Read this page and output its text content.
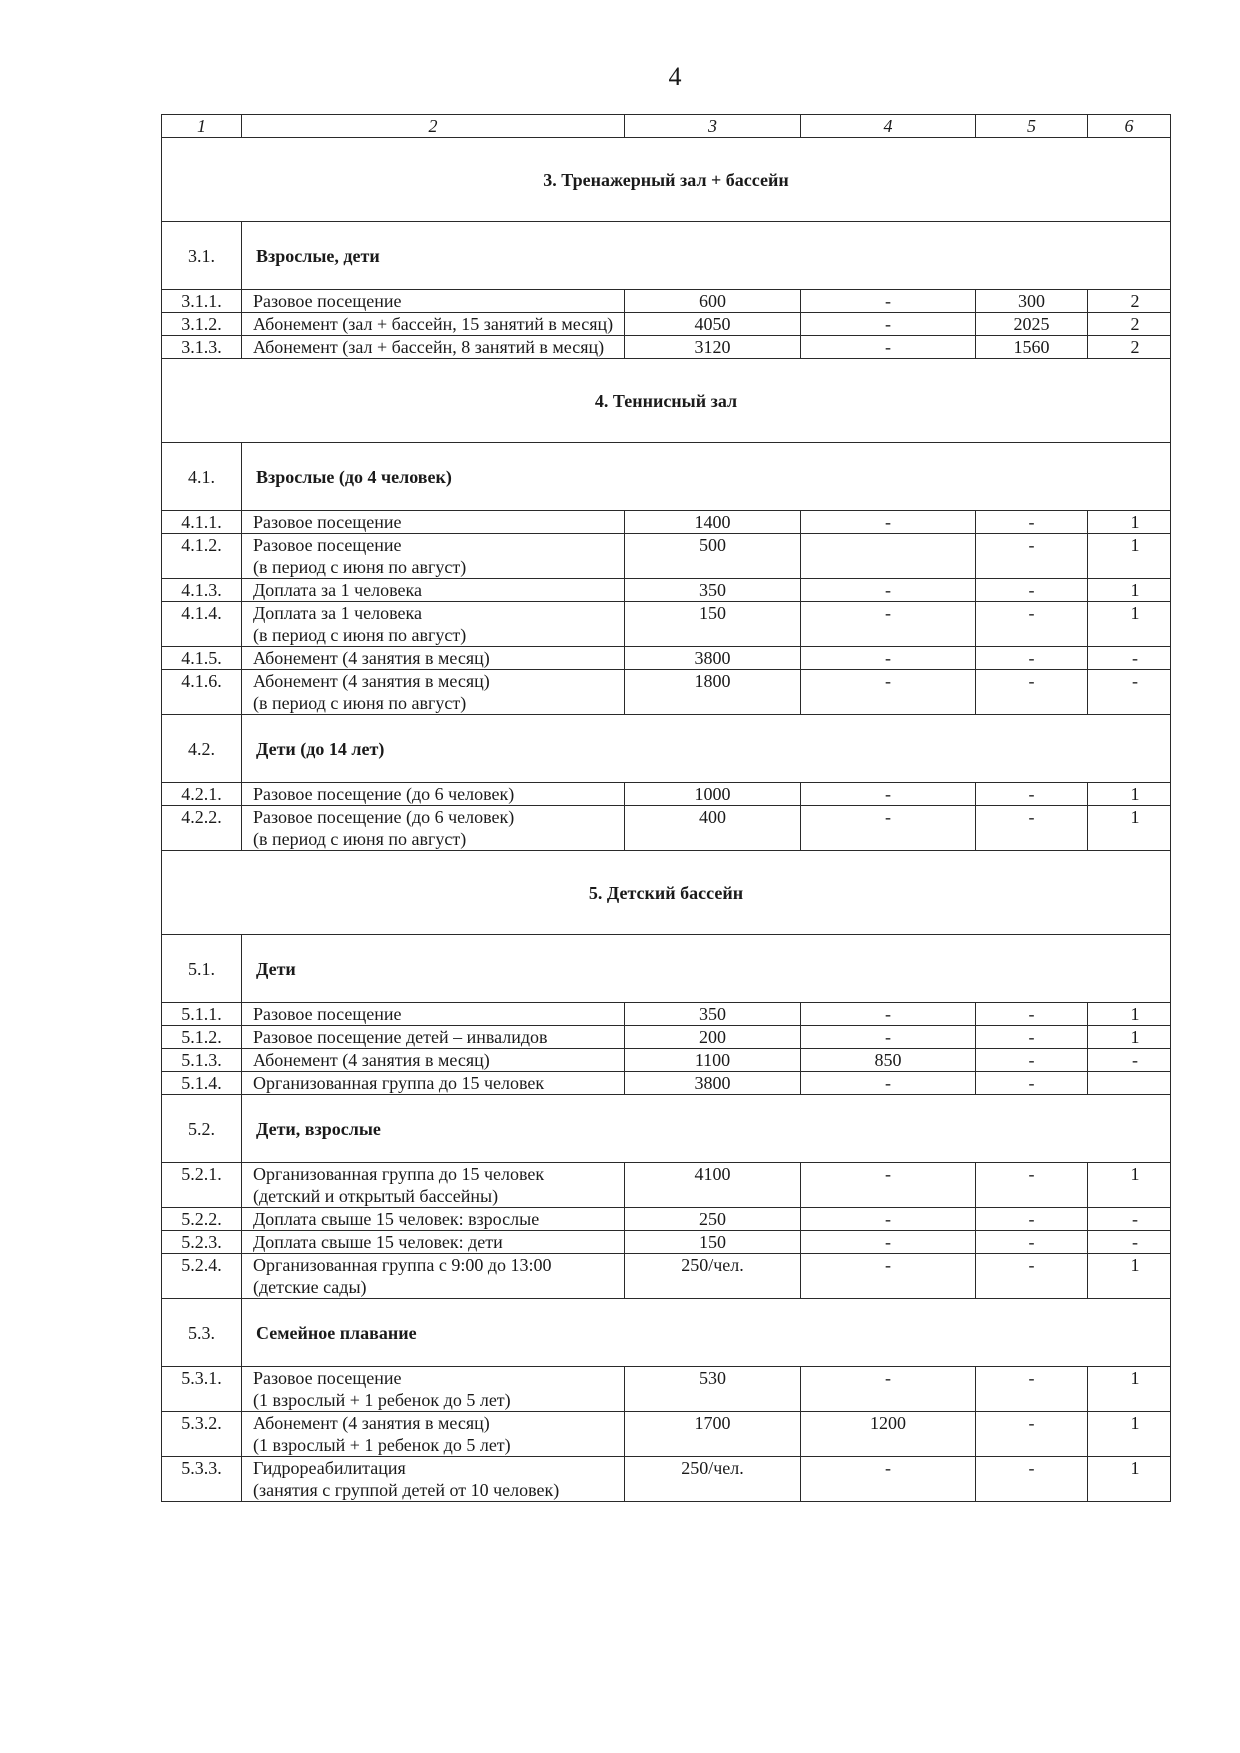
4
1	2	3	4	5	6
3. Тренажерный зал + бассейн					
3.1.	Взрослые, дети				
3.1.1.	Разовое посещение	600	-	300	2
3.1.2.	Абонемент (зал + бассейн, 15 занятий в месяц)	4050	-	2025	2
3.1.3.	Абонемент (зал + бассейн, 8 занятий в месяц)	3120	-	1560	2
4. Теннисный зал					
4.1.	Взрослые (до 4 человек)				
4.1.1.	Разовое посещение	1400	-	-	1
4.1.2.	Разовое посещение
(в период с июня по август)	500		-	1
4.1.3.	Доплата за 1 человека	350	-	-	1
4.1.4.	Доплата за 1 человека
(в период с июня по август)	150	-	-	1
4.1.5.	Абонемент (4 занятия в месяц)	3800	-	-	-
4.1.6.	Абонемент (4 занятия в месяц)
(в период с июня по август)	1800	-	-	-
4.2.	Дети (до 14 лет)				
4.2.1.	Разовое посещение (до 6 человек)	1000	-	-	1
4.2.2.	Разовое посещение (до 6 человек)
(в период с июня по август)	400	-	-	1
5. Детский бассейн					
5.1.	Дети				
5.1.1.	Разовое посещение	350	-	-	1
5.1.2.	Разовое посещение детей – инвалидов	200	-	-	1
5.1.3.	Абонемент (4 занятия в месяц)	1100	850	-	-
5.1.4.	Организованная группа до 15 человек	3800	-	-	
5.2.	Дети, взрослые				
5.2.1.	Организованная группа до 15 человек
(детский и открытый бассейны)	4100	-	-	1
5.2.2.	Доплата свыше 15 человек: взрослые	250	-	-	-
5.2.3.	Доплата свыше 15 человек: дети	150	-	-	-
5.2.4.	Организованная группа с 9:00 до 13:00
(детские сады)	250/чел.	-	-	1
5.3.	Семейное плавание				
5.3.1.	Разовое посещение
(1 взрослый + 1 ребенок до 5 лет)	530	-	-	1
5.3.2.	Абонемент (4 занятия в месяц)
(1 взрослый + 1 ребенок до 5 лет)	1700	1200	-	1
5.3.3.	Гидрореабилитация
(занятия с группой детей от 10 человек)	250/чел.	-	-	1
